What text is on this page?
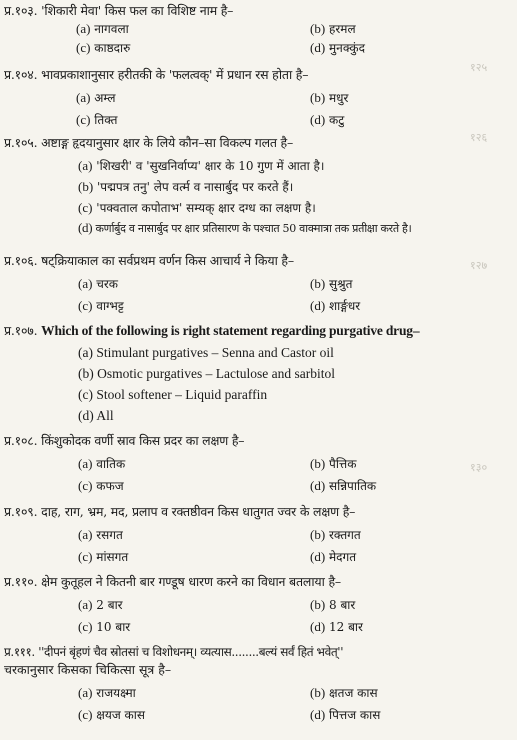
१२५
१२६
१२७
१३०
प्र.१०३. 'शिकारी मेवा' किस फल का विशिष्ट नाम है–
(a) नागवला	(b) हरमल
(c) काष्ठदारु	(d) मुनक्कुंद
प्र.१०४. भावप्रकाशानुसार हरीतकी के 'फलत्वक्' में प्रधान रस होता है–
(a) अम्ल	(b) मधुर
(c) तिक्त	(d) कटु
प्र.१०५. अष्टाङ्ग हृदयानुसार क्षार के लिये कौन–सा विकल्प गलत है–
(a) 'शिखरी' व 'सुखनिर्वाप्य' क्षार के 10 गुण में आता है।
(b) 'पद्मपत्र तनु' लेप वर्त्म व नासार्बुद पर करते हैं।
(c) 'पक्वताल कपोताभ' सम्यक् क्षार दग्ध का लक्षण है।
(d) कर्णार्बुद व नासार्बुद पर क्षार प्रतिसारण के पश्चात 50 वाक्मात्रा तक प्रतीक्षा करते है।
प्र.१०६. षट्क्रियाकाल का सर्वप्रथम वर्णन किस आचार्य ने किया है–
(a) चरक	(b) सुश्रुत
(c) वाग्भट्ट	(d) शार्ङ्गधर
प्र.१०७. Which of the following is right statement regarding purgative drug–
(a) Stimulant purgatives – Senna and Castor oil
(b) Osmotic purgatives – Lactulose and sarbitol
(c) Stool softener – Liquid paraffin
(d) All
प्र.१०८. किंशुकोदक वर्णी स्राव किस प्रदर का लक्षण है–
(a) वातिक	(b) पैत्तिक
(c) कफज	(d) सन्निपातिक
प्र.१०९. दाह, राग, भ्रम, मद, प्रलाप व रक्तष्ठीवन किस धातुगत ज्वर के लक्षण है–
(a) रसगत	(b) रक्तगत
(c) मांसगत	(d) मेदगत
प्र.११०. क्षेम कुतूहल ने कितनी बार गण्डूष धारण करने का विधान बतलाया है–
(a) 2 बार	(b) 8 बार
(c) 10 बार	(d) 12 बार
प्र.१११. ''दीपनं बृंहणं चैव स्रोतसां च विशोधनम्। व्यत्यास........बल्यं सर्वं हितं भवेत्''
चरकानुसार किसका चिकित्सा सूत्र है–
(a) राजयक्ष्मा	(b) क्षतज कास
(c) क्षयज कास	(d) पित्तज कास
